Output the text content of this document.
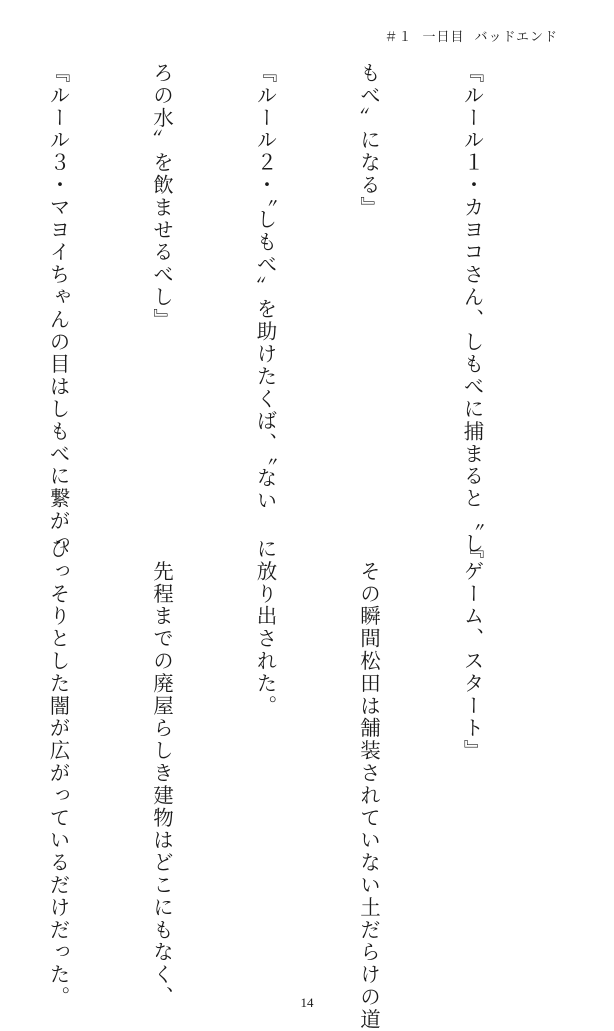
＃１ 一日目 バッドエンド

『ルール１・カヨコさん、しもべに捕まると〝し

もべ〟になる』

『ルール２・〝しもべ〟を助けたくば、〝ない

ろの水〟を飲ませるべし』

『ルール３・マヨイちゃんの目はしもべに繋がっ

『ゲーム、スタート』

　その瞬間松田は舗装されていない土だらけの道

に放り出された。

　先程までの廃屋らしき建物はどこにもなく、

ひっそりとした闇が広がっているだけだった。

	14
